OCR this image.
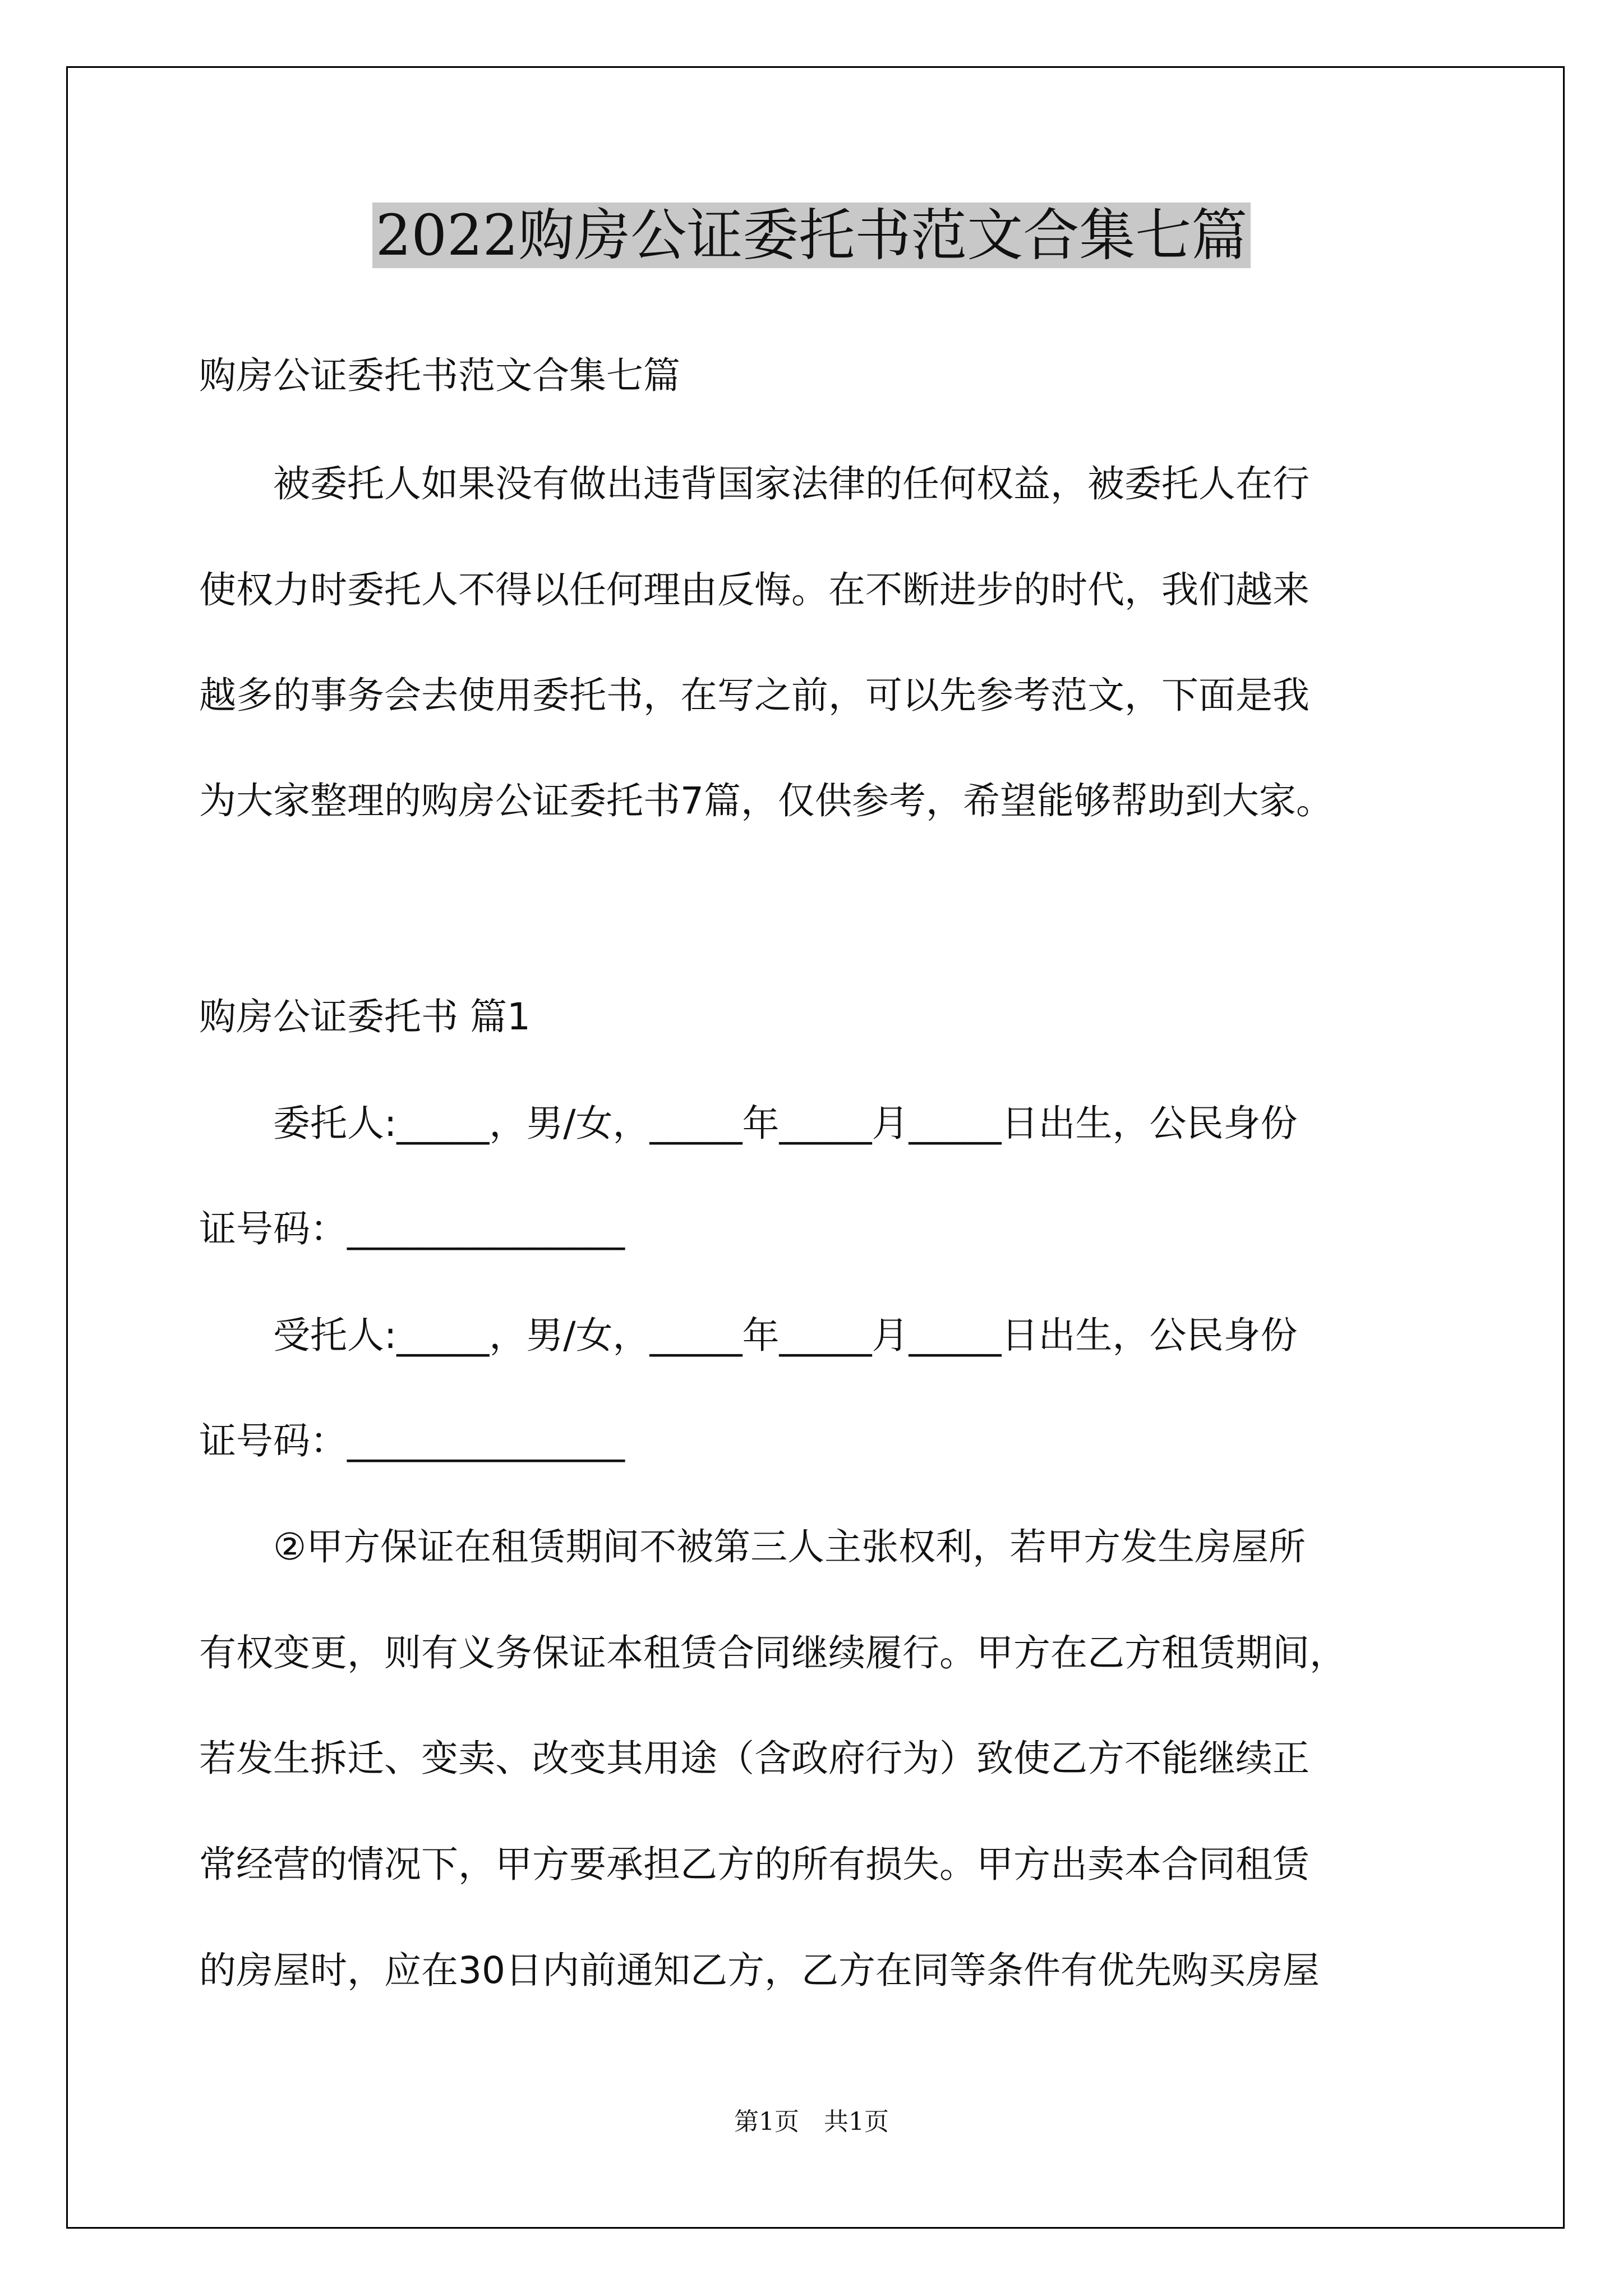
2022购房公证委托书范文合集七篇
购房公证委托书范文合集七篇
　　被委托人如果没有做出违背国家法律的任何权益，被委托人在行
使权力时委托人不得以任何理由反悔。在不断进步的时代，我们越来
越多的事务会去使用委托书，在写之前，可以先参考范文，下面是我
为大家整理的购房公证委托书7篇，仅供参考，希望能够帮助到大家。
购房公证委托书 篇1
　　委托人:_____，男/女，_____年_____月_____日出生，公民身份
证号码：_______________
　　受托人:_____，男/女，_____年_____月_____日出生，公民身份
证号码：_______________
　　②甲方保证在租赁期间不被第三人主张权利，若甲方发生房屋所
有权变更，则有义务保证本租赁合同继续履行。甲方在乙方租赁期间，
若发生拆迁、变卖、改变其用途（含政府行为）致使乙方不能继续正
常经营的情况下，甲方要承担乙方的所有损失。甲方出卖本合同租赁
的房屋时，应在30日内前通知乙方，乙方在同等条件有优先购买房屋
第1页　共1页
